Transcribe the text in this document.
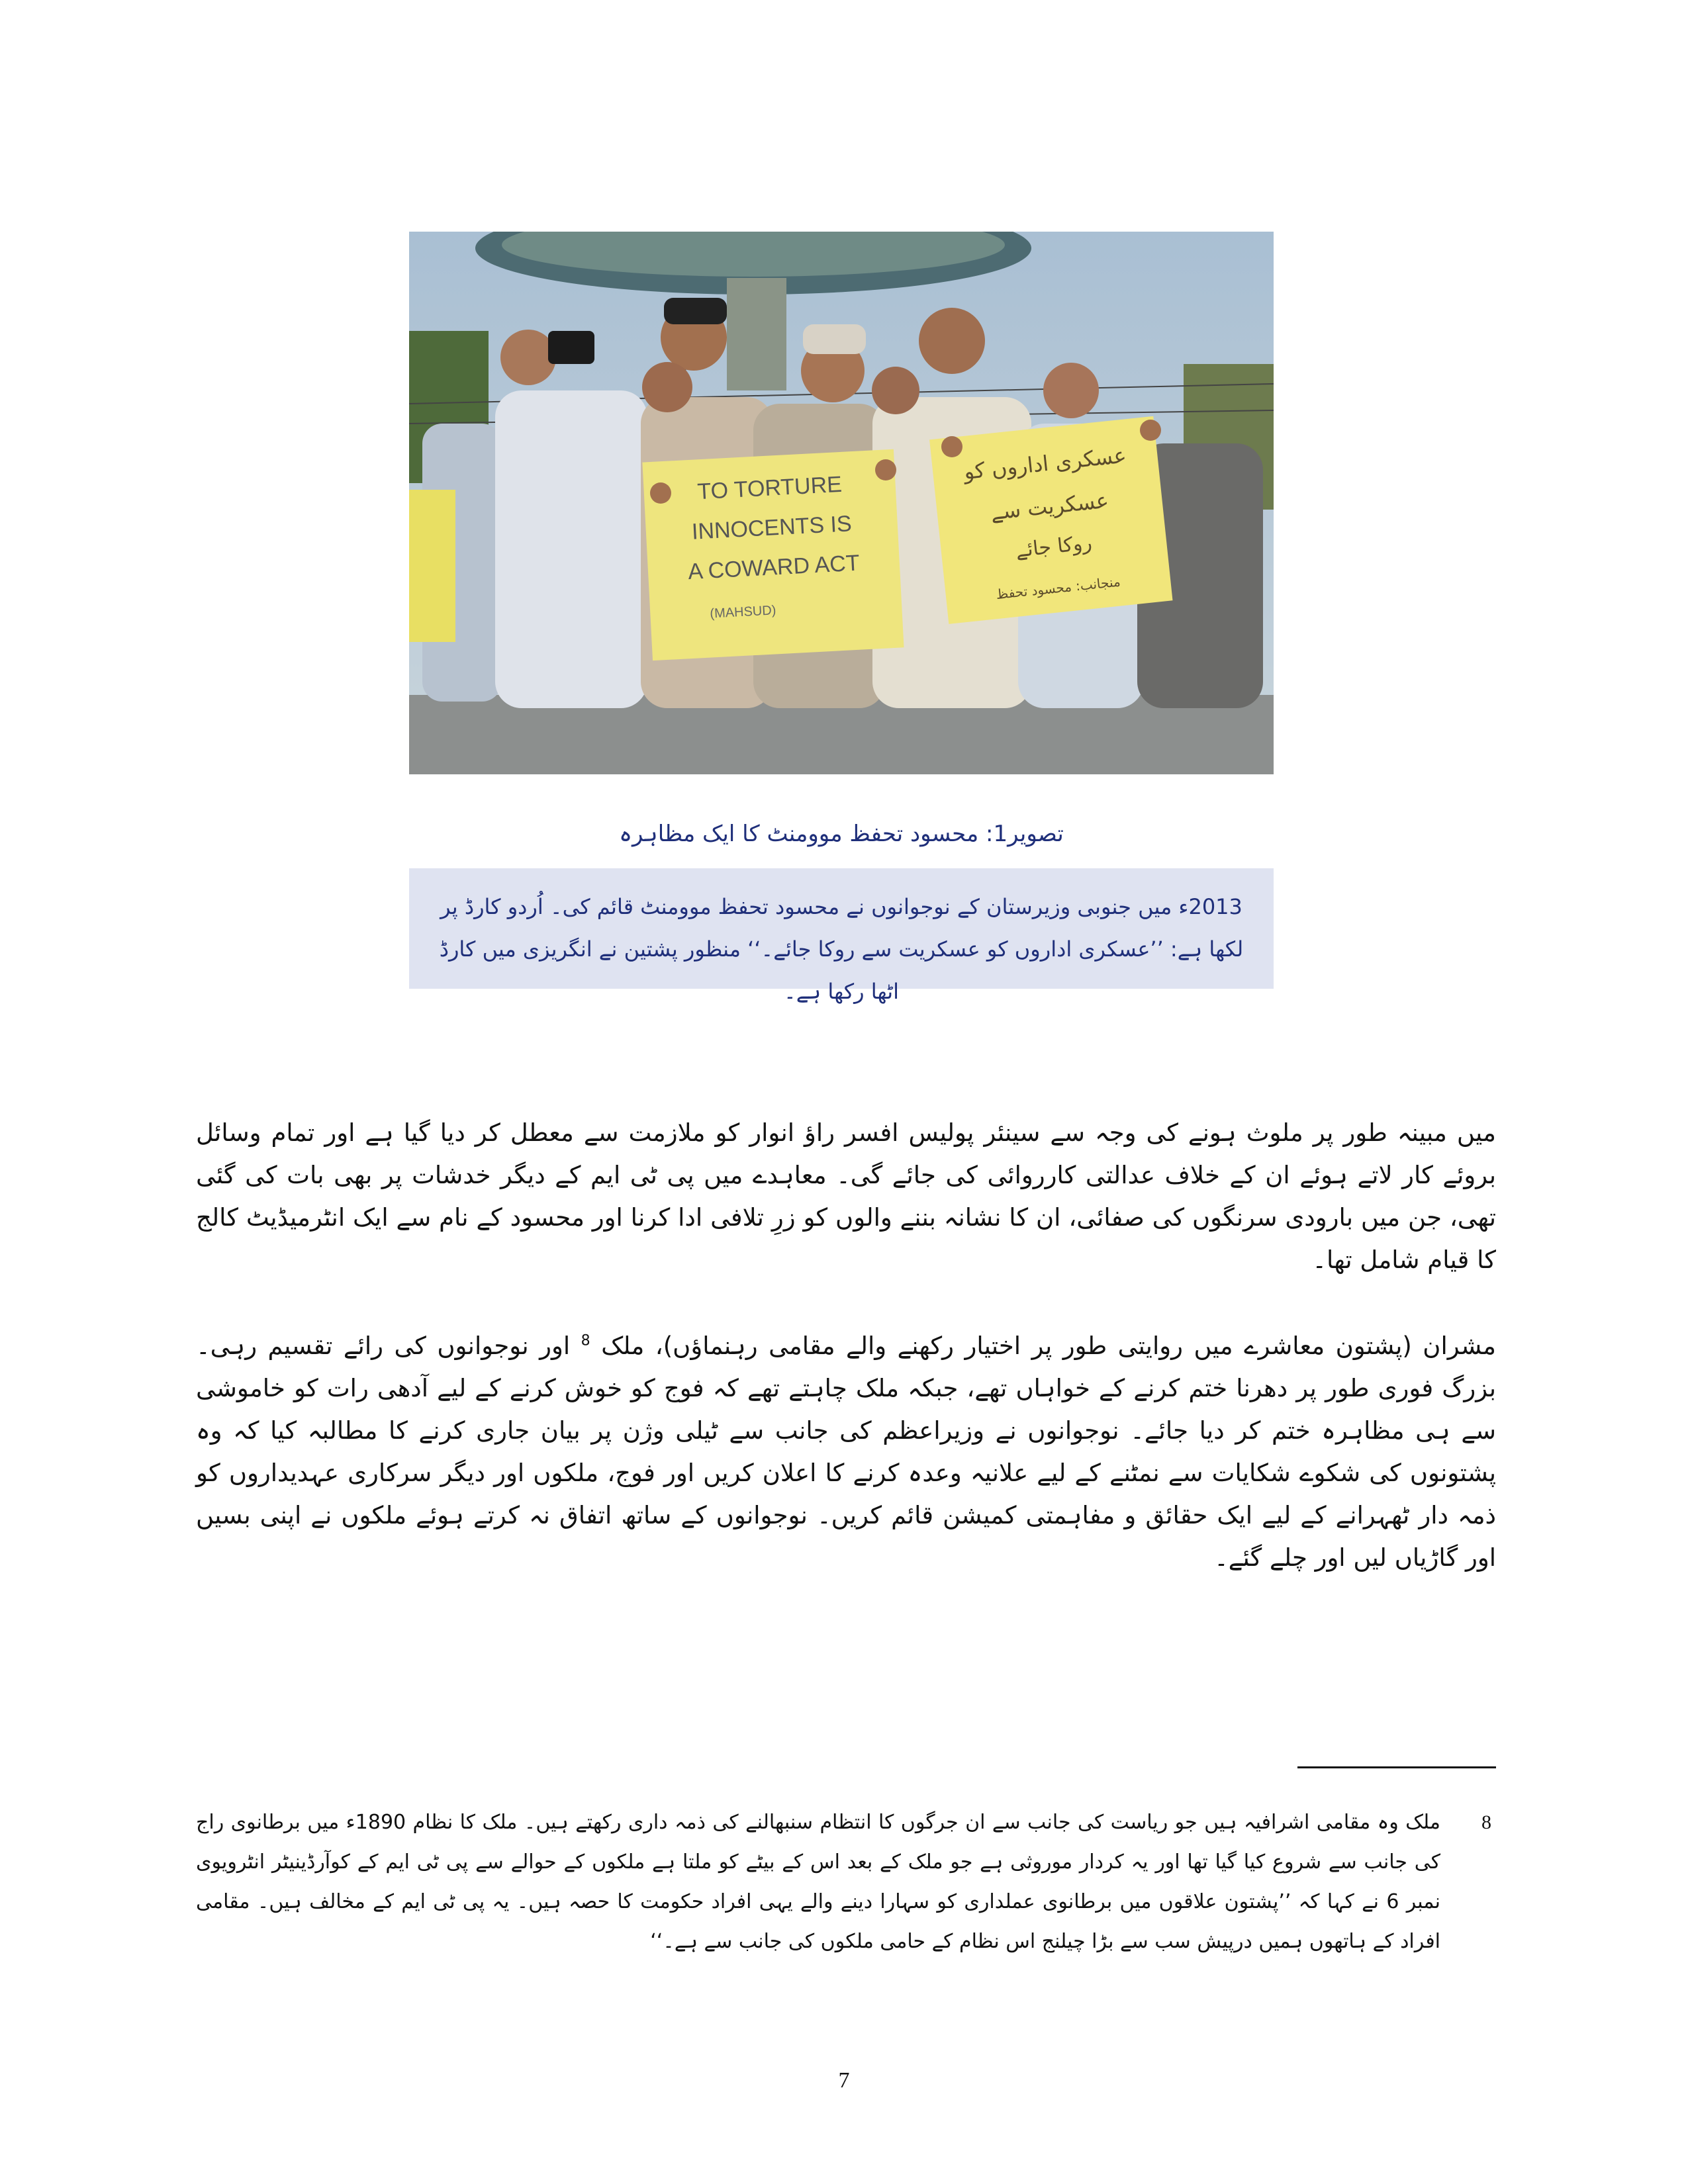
TO TORTURE
INNOCENTS IS
A COWARD ACT
(MAHSUD)
عسکری اداروں کو
عسکریت سے
روکا جائے
منجانب: محسود تحفظ
تصویر1: محسود تحفظ موومنٹ کا ایک مظاہرہ
2013ء میں جنوبی وزیرستان کے نوجوانوں نے محسود تحفظ موومنٹ قائم کی۔ اُردو کارڈ پر لکھا ہے: ’’عسکری اداروں کو عسکریت سے روکا جائے۔‘‘ منظور پشتین نے انگریزی میں کارڈ اٹھا رکھا ہے۔
میں مبینہ طور پر ملوث ہونے کی وجہ سے سینئر پولیس افسر راؤ انوار کو ملازمت سے معطل کر دیا گیا ہے اور تمام وسائل بروئے کار لاتے ہوئے ان کے خلاف عدالتی کارروائی کی جائے گی۔ معاہدے میں پی ٹی ایم کے دیگر خدشات پر بھی بات کی گئی تھی، جن میں بارودی سرنگوں کی صفائی، ان کا نشانہ بننے والوں کو زرِ تلافی ادا کرنا اور محسود کے نام سے ایک انٹرمیڈیٹ کالج کا قیام شامل تھا۔
مشران (پشتون معاشرے میں روایتی طور پر اختیار رکھنے والے مقامی رہنماؤں)، ملک $^8$ اور نوجوانوں کی رائے تقسیم رہی۔ بزرگ فوری طور پر دھرنا ختم کرنے کے خواہاں تھے، جبکہ ملک چاہتے تھے کہ فوج کو خوش کرنے کے لیے آدھی رات کو خاموشی سے ہی مظاہرہ ختم کر دیا جائے۔ نوجوانوں نے وزیراعظم کی جانب سے ٹیلی وژن پر بیان جاری کرنے کا مطالبہ کیا کہ وہ پشتونوں کی شکوے شکایات سے نمٹنے کے لیے علانیہ وعدہ کرنے کا اعلان کریں اور فوج، ملکوں اور دیگر سرکاری عہدیداروں کو ذمہ دار ٹھہرانے کے لیے ایک حقائق و مفاہمتی کمیشن قائم کریں۔ نوجوانوں کے ساتھ اتفاق نہ کرتے ہوئے ملکوں نے اپنی بسیں اور گاڑیاں لیں اور چلے گئے۔
8
ملک وہ مقامی اشرافیہ ہیں جو ریاست کی جانب سے ان جرگوں کا انتظام سنبھالنے کی ذمہ داری رکھتے ہیں۔ ملک کا نظام 1890ء میں برطانوی راج کی جانب سے شروع کیا گیا تھا اور یہ کردار موروثی ہے جو ملک کے بعد اس کے بیٹے کو ملتا ہے ملکوں کے حوالے سے پی ٹی ایم کے کوآرڈینیٹر انٹرویوی نمبر 6 نے کہا کہ ’’پشتون علاقوں میں برطانوی عملداری کو سہارا دینے والے یہی افراد حکومت کا حصہ ہیں۔ یہ پی ٹی ایم کے مخالف ہیں۔ مقامی افراد کے ہاتھوں ہمیں درپیش سب سے بڑا چیلنج اس نظام کے حامی ملکوں کی جانب سے ہے۔‘‘
7
